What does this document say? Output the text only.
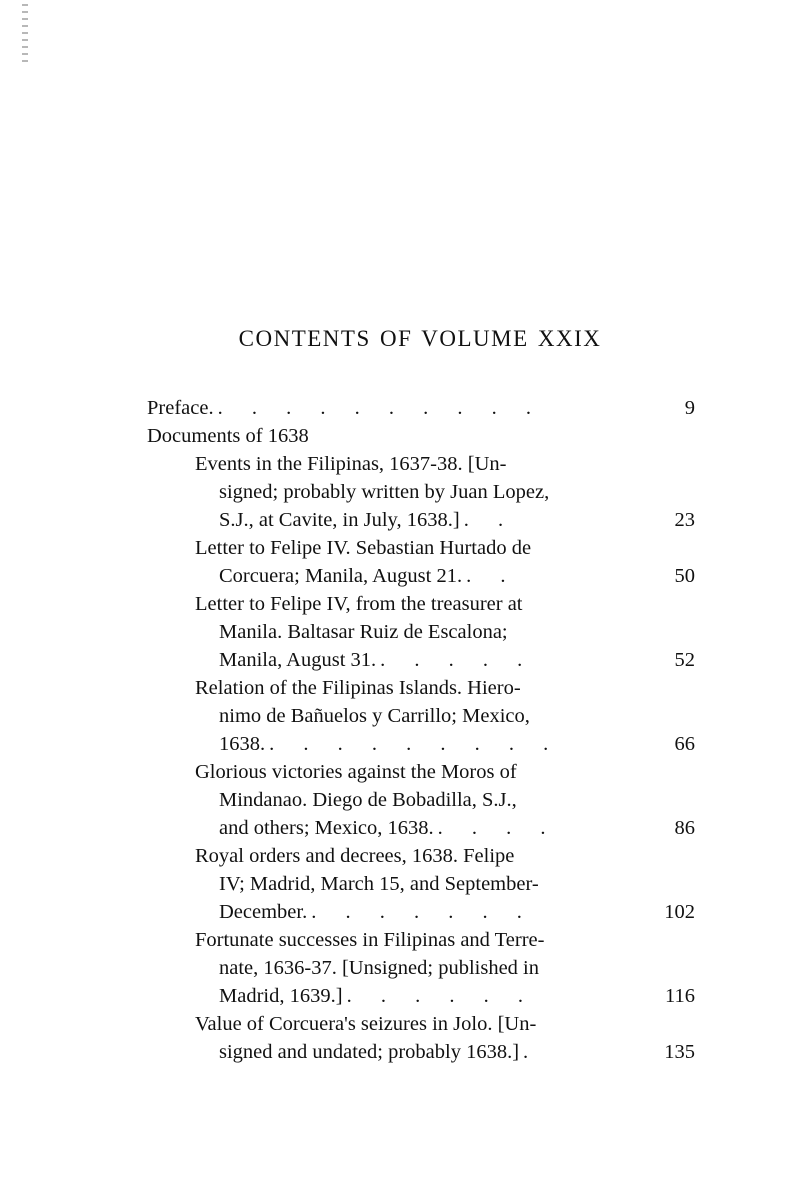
CONTENTS OF VOLUME XXIX
Preface. . . . . . . . . . .	9
Documents of 1638
Events in the Filipinas, 1637-38. [Un-
signed; probably written by Juan Lopez,
S.J., at Cavite, in July, 1638.] . .	23
Letter to Felipe IV. Sebastian Hurtado de
Corcuera; Manila, August 21. . .	50
Letter to Felipe IV, from the treasurer at
Manila. Baltasar Ruiz de Escalona;
Manila, August 31. . . . . .	52
Relation of the Filipinas Islands. Hiero-
nimo de Bañuelos y Carrillo; Mexico,
1638. . . . . . . . . .	66
Glorious victories against the Moros of
Mindanao. Diego de Bobadilla, S.J.,
and others; Mexico, 1638. . . . .	86
Royal orders and decrees, 1638. Felipe
IV; Madrid, March 15, and September-
December. . . . . . . .	102
Fortunate successes in Filipinas and Terre-
nate, 1636-37. [Unsigned; published in
Madrid, 1639.] . . . . . .	116
Value of Corcuera's seizures in Jolo. [Un-
signed and undated; probably 1638.] .	135
